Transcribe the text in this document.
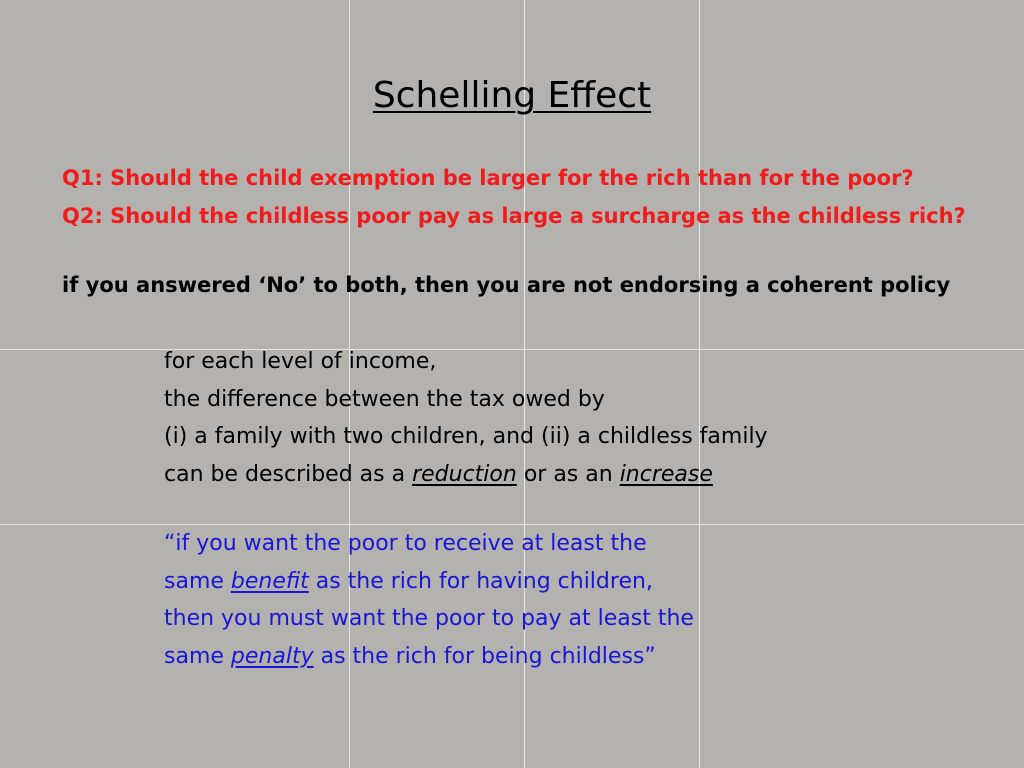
Schelling Effect
Q1: Should the child exemption be larger for the rich than for the poor?
Q2: Should the childless poor pay as large a surcharge as the childless rich?
if you answered ‘No’ to both, then you are not endorsing a coherent policy
for each level of income,
the difference between the tax owed by
(i) a family with two children, and (ii) a childless family
can be described as a reduction or as an increase
“if you want the poor to receive at least the
same benefit as the rich for having children,
then you must want the poor to pay at least the
same penalty as the rich for being childless”
